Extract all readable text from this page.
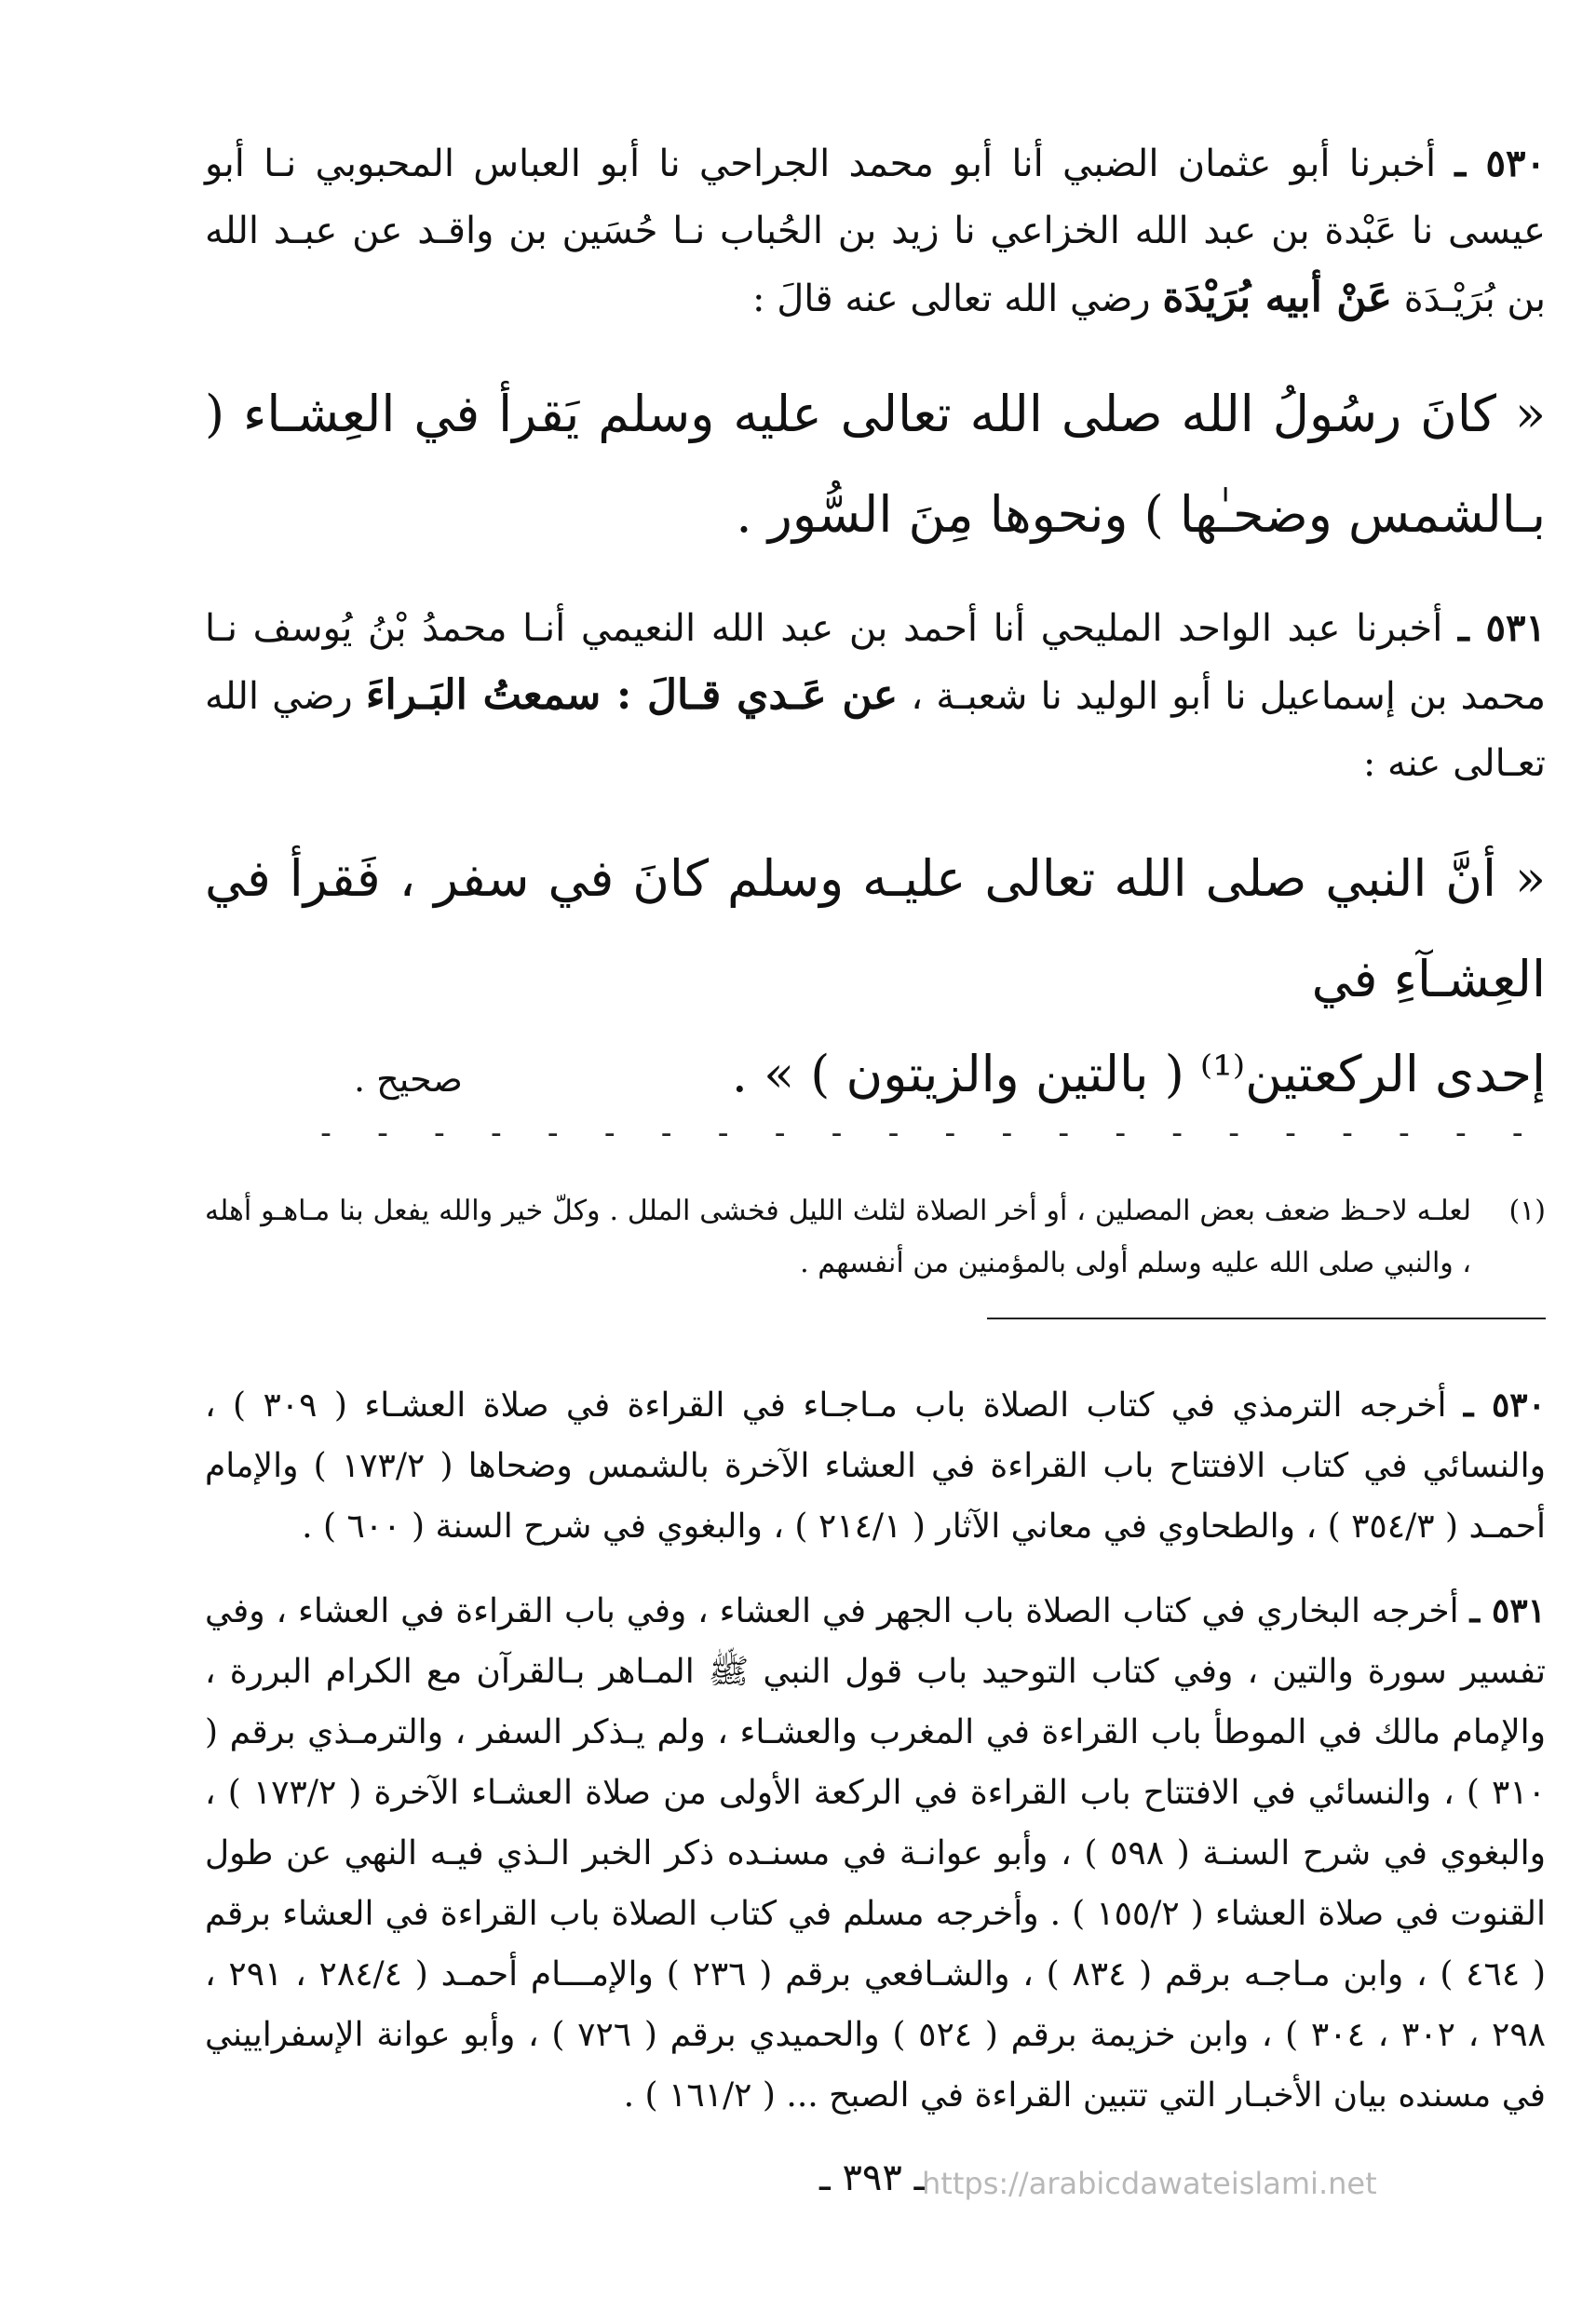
٥٣٠ ـ أخبرنا أبو عثمان الضبي أنا أبو محمد الجراحي نا أبو العباس المحبوبي نـا أبو عيسى نا عَبْدة بن عبد الله الخزاعي نا زيد بن الحُباب نـا حُسَين بن واقـد عن عبـد الله بن بُرَيْـدَة عَنْ أبيه بُرَيْدَة رضي الله تعالى عنه قالَ :

« كانَ رسُولُ الله صلى الله تعالى عليه وسلم يَقرأ في العِشـاء ( بـالشمس وضحـٰها ) ونحوها مِنَ السُّور .

٥٣١ ـ أخبرنا عبد الواحد المليحي أنا أحمد بن عبد الله النعيمي أنـا محمدُ بْنُ يُوسف نـا محمد بن إسماعيل نا أبو الوليد نا شعبـة ، عن عَـدي قـالَ : سمعتُ البَـراءَ رضي الله تعـالى عنه :

« أنَّ النبي صلى الله تعالى عليـه وسلم كانَ في سفر ، فَقرأ في العِشـآءِ في

إحدى الركعتين⁽¹⁾ ( بالتين والزيتون ) » .
صحيح .
- - - - - - - - - - - - - - - - - - - - - -
(١)
لعلـه لاحـظ ضعف بعض المصلين ، أو أخر الصلاة لثلث الليل فخشى الملل . وكلّ خير والله يفعل بنا مـاهـو أهله ، والنبي صلى الله عليه وسلم أولى بالمؤمنين من أنفسهم .

٥٣٠ ـ أخرجه الترمذي في كتاب الصلاة باب مـاجـاء في القراءة في صلاة العشـاء ( ٣٠٩ ) ، والنسائي في كتاب الافتتاح باب القراءة في العشاء الآخرة بالشمس وضحاها ( ١٧٣/٢ ) والإمام أحمـد ( ٣٥٤/٣ ) ، والطحاوي في معاني الآثار ( ٢١٤/١ ) ، والبغوي في شرح السنة ( ٦٠٠ ) .

٥٣١ ـ أخرجه البخاري في كتاب الصلاة باب الجهر في العشاء ، وفي باب القراءة في العشاء ، وفي تفسير سورة والتين ، وفي كتاب التوحيد باب قول النبي ﷺ المـاهر بـالقرآن مع الكرام البررة ، والإمام مالك في الموطأ باب القراءة في المغرب والعشـاء ، ولم يـذكر السفر ، والترمـذي برقم ( ٣١٠ ) ، والنسائي في الافتتاح باب القراءة في الركعة الأولى من صلاة العشـاء الآخرة ( ١٧٣/٢ ) ، والبغوي في شرح السنـة ( ٥٩٨ ) ، وأبو عوانـة في مسنـده ذكر الخبر الـذي فيـه النهي عن طول القنوت في صلاة العشاء ( ١٥٥/٢ ) . وأخرجه مسلم في كتاب الصلاة باب القراءة في العشاء برقم ( ٤٦٤ ) ، وابن مـاجـه برقم ( ٨٣٤ ) ، والشـافعي برقم ( ٢٣٦ ) والإمـــام أحمـد ( ٢٨٤/٤ ، ٢٩١ ، ٢٩٨ ، ٣٠٢ ، ٣٠٤ ) ، وابن خزيمة برقم ( ٥٢٤ ) والحميدي برقم ( ٧٢٦ ) ، وأبو عوانة الإسفراييني في مسنده بيان الأخبـار التي تتبين القراءة في الصبح ... ( ١٦١/٢ ) .

ـ ٣٩٣ ـ
https://arabicdawateislami.net
